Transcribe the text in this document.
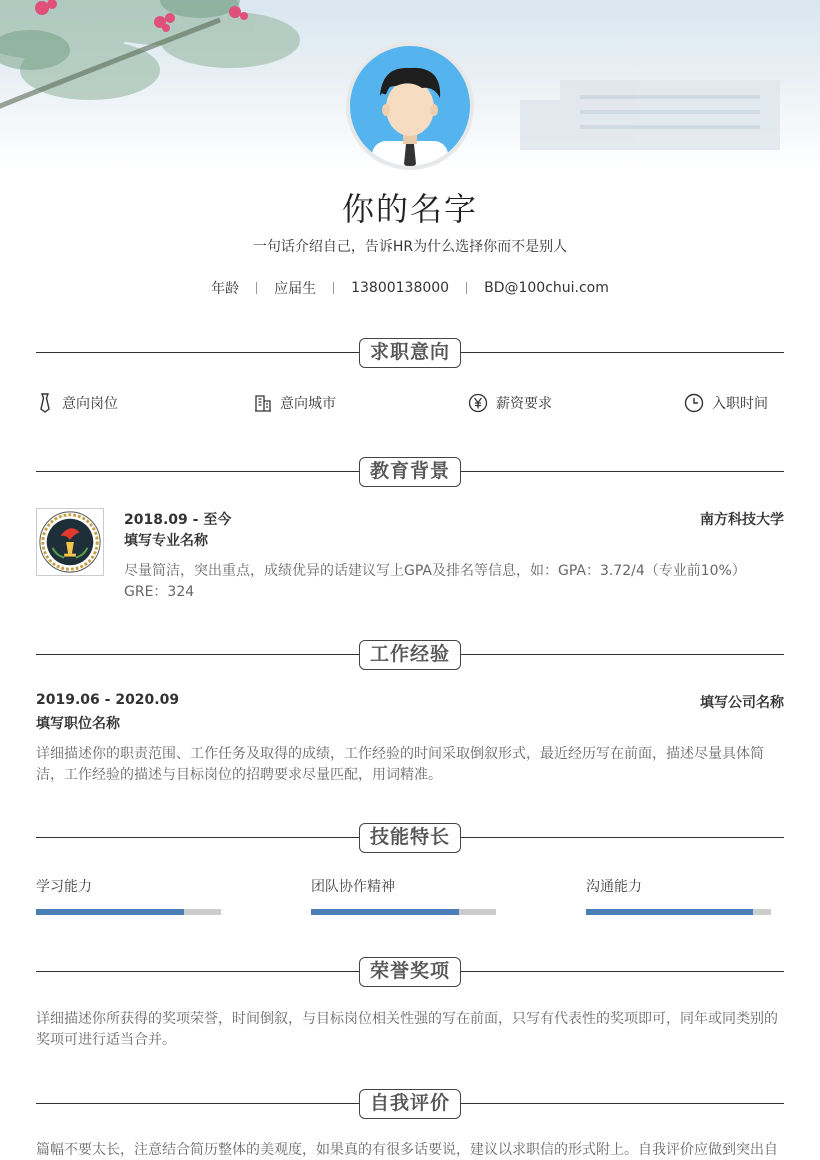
你的名字
一句话介绍自己，告诉HR为什么选择你而不是别人
年龄	应届生	13800138000	BD@100chui.com
求职意向
意向岗位	意向城市	薪资要求	入职时间
教育背景
2018.09 - 至今	南方科技大学
填写专业名称
尽量简洁，突出重点，成绩优异的话建议写上GPA及排名等信息，如：GPA：3.72/4（专业前10%） GRE：324
工作经验
2019.06 - 2020.09	填写公司名称
填写职位名称
详细描述你的职责范围、工作任务及取得的成绩，工作经验的时间采取倒叙形式，最近经历写在前面，描述尽量具体简洁，工作经验的描述与目标岗位的招聘要求尽量匹配，用词精准。
技能特长
学习能力	团队协作精神	沟通能力
荣誉奖项
详细描述你所获得的奖项荣誉，时间倒叙，与目标岗位相关性强的写在前面，只写有代表性的奖项即可，同年或同类别的奖项可进行适当合并。
自我评价
篇幅不要太长，注意结合简历整体的美观度，如果真的有很多话要说，建议以求职信的形式附上。自我评价应做到突出自
